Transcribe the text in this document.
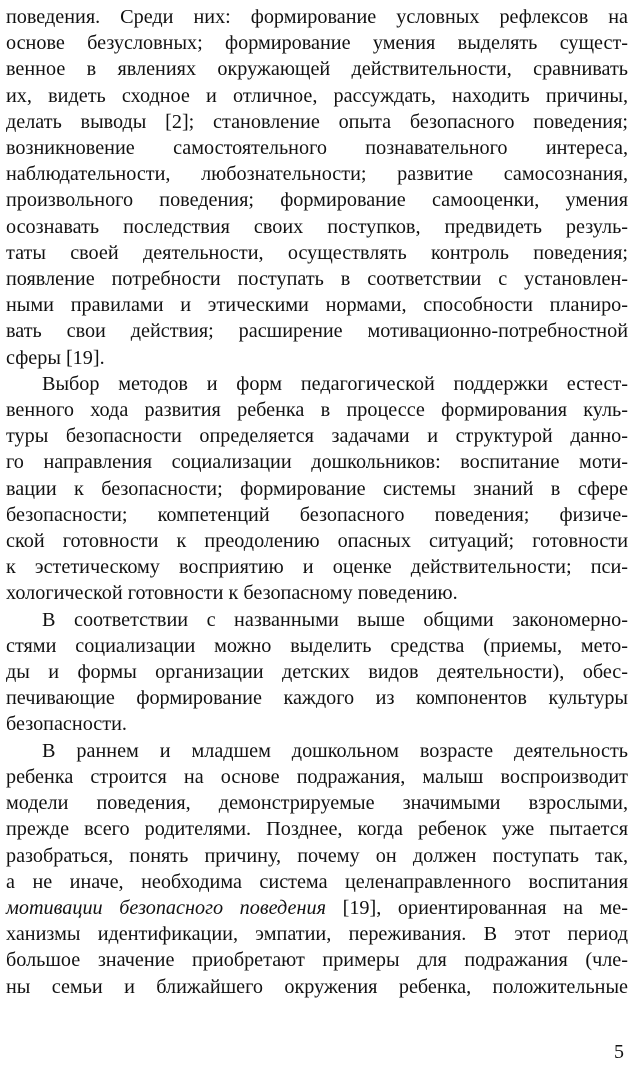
поведения. Среди них: формирование условных рефлексов на
основе безусловных; формирование умения выделять сущест-
венное в явлениях окружающей действительности, сравнивать
их, видеть сходное и отличное, рассуждать, находить причины,
делать выводы [2]; становление опыта безопасного поведения;
возникновение самостоятельного познавательного интереса,
наблюдательности, любознательности; развитие самосознания,
произвольного поведения; формирование самооценки, умения
осознавать последствия своих поступков, предвидеть резуль-
таты своей деятельности, осуществлять контроль поведения;
появление потребности поступать в соответствии с установлен-
ными правилами и этическими нормами, способности планиро-
вать свои действия; расширение мотивационно-потребностной
сферы [19].

Выбор методов и форм педагогической поддержки естест-
венного хода развития ребенка в процессе формирования куль-
туры безопасности определяется задачами и структурой данно-
го направления социализации дошкольников: воспитание моти-
вации к безопасности; формирование системы знаний в сфере
безопасности; компетенций безопасного поведения; физиче-
ской готовности к преодолению опасных ситуаций; готовности
к эстетическому восприятию и оценке действительности; пси-
хологической готовности к безопасному поведению.

В соответствии с названными выше общими закономерно-
стями социализации можно выделить средства (приемы, мето-
ды и формы организации детских видов деятельности), обес-
печивающие формирование каждого из компонентов культуры
безопасности.

В раннем и младшем дошкольном возрасте деятельность
ребенка строится на основе подражания, малыш воспроизводит
модели поведения, демонстрируемые значимыми взрослыми,
прежде всего родителями. Позднее, когда ребенок уже пытается
разобраться, понять причину, почему он должен поступать так,
а не иначе, необходима система целенаправленного воспитания
мотивации безопасного поведения [19], ориентированная на ме-
ханизмы идентификации, эмпатии, переживания. В этот период
большое значение приобретают примеры для подражания (чле-
ны семьи и ближайшего окружения ребенка, положительные

5
